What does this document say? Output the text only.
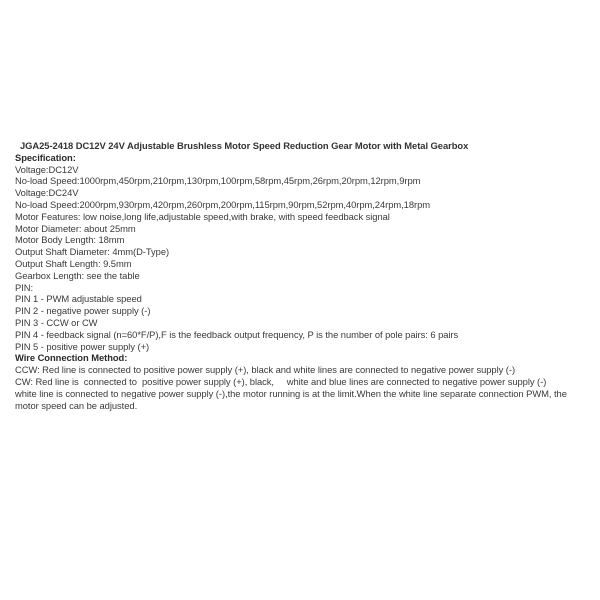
JGA25-2418 DC12V 24V Adjustable Brushless Motor Speed Reduction Gear Motor with Metal Gearbox
Specification:
Voltage:DC12V
No-load Speed:1000rpm,450rpm,210rpm,130rpm,100rpm,58rpm,45rpm,26rpm,20rpm,12rpm,9rpm
Voltage:DC24V
No-load Speed:2000rpm,930rpm,420rpm,260rpm,200rpm,115rpm,90rpm,52rpm,40rpm,24rpm,18rpm
Motor Features: low noise,long life,adjustable speed,with brake, with speed feedback signal
Motor Diameter: about 25mm
Motor Body Length: 18mm
Output Shaft Diameter: 4mm(D-Type)
Output Shaft Length: 9.5mm
Gearbox Length: see the table
PIN:
PIN 1 - PWM adjustable speed
PIN 2 - negative power supply (-)
PIN 3 - CCW or CW
PIN 4 - feedback signal (n=60*F/P),F is the feedback output frequency, P is the number of pole pairs: 6 pairs
PIN 5 - positive power supply (+)
Wire Connection Method:
CCW: Red line is connected to positive power supply (+), black and white lines are connected to negative power supply (-)
CW: Red line is  connected to  positive power supply (+), black,     white and blue lines are connected to negative power supply (-)
white line is connected to negative power supply (-),the motor running is at the limit.When the white line separate connection PWM, the motor speed can be adjusted.
